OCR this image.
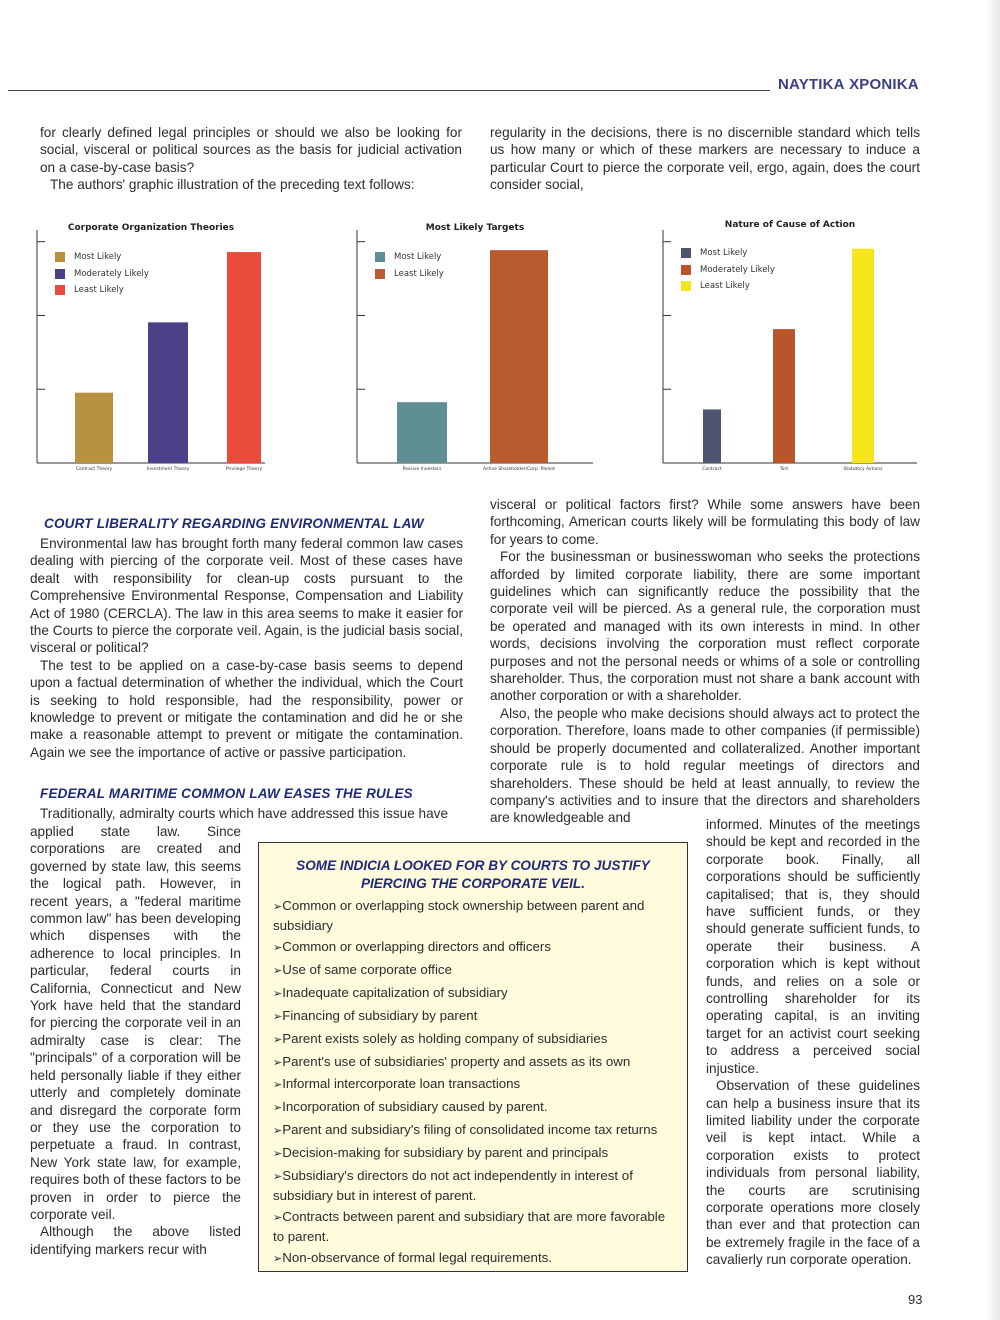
ΝΑΥΤΙΚΑ ΧΡΟΝΙΚΑ

for clearly defined legal principles or should we also be looking for social, visceral or political sources as the basis for judicial activation on a case-by-case basis?

The authors' graphic illustration of the preceding text follows:

regularity in the decisions, there is no discernible standard which tells us how many or which of these markers are necessary to induce a particular Court to pierce the corporate veil, ergo, again, does the court consider social,

Corporate Organization Theories
Contract Theory	Investment Theory	Privilege Theory
Most Likely
Moderately Likely
Least Likely
Most Likely Targets
Passive Investors	Active Shareholder/Corp. Parent
Most Likely
Least Likely
Nature of Cause of Action
Contract	Tort	Statutory Actions
Most Likely
Moderately Likely
Least Likely
COURT LIBERALITY REGARDING ENVIRONMENTAL LAW

Environmental law has brought forth many federal common law cases dealing with piercing of the corporate veil. Most of these cases have dealt with responsibility for clean-up costs pursuant to the Comprehensive Environmental Response, Compensation and Liability Act of 1980 (CERCLA). The law in this area seems to make it easier for the Courts to pierce the corporate veil. Again, is the judicial basis social, visceral or political?

The test to be applied on a case-by-case basis seems to depend upon a factual determination of whether the individual, which the Court is seeking to hold responsible, had the responsibility, power or knowledge to prevent or mitigate the contamination and did he or she make a reasonable attempt to prevent or mitigate the contamination. Again we see the importance of active or passive participation.

FEDERAL MARITIME COMMON LAW EASES THE RULES

Traditionally, admiralty courts which have addressed this issue have

applied state law. Since corporations are created and governed by state law, this seems the logical path. However, in recent years, a "federal maritime common law" has been developing which dispenses with the adherence to local principles. In particular, federal courts in California, Connecticut and New York have held that the standard for piercing the corporate veil in an admiralty case is clear: The "principals" of a corporation will be held personally liable if they either utterly and completely dominate and disregard the corporate form or they use the corporation to perpetuate a fraud. In contrast, New York state law, for example, requires both of these factors to be proven in order to pierce the corporate veil.

Although the above listed identifying markers recur with

visceral or political factors first? While some answers have been forthcoming, American courts likely will be formulating this body of law for years to come.

For the businessman or businesswoman who seeks the protections afforded by limited corporate liability, there are some important guidelines which can significantly reduce the possibility that the corporate veil will be pierced. As a general rule, the corporation must be operated and managed with its own interests in mind. In other words, decisions involving the corporation must reflect corporate purposes and not the personal needs or whims of a sole or controlling shareholder. Thus, the corporation must not share a bank account with another corporation or with a shareholder.

Also, the people who make decisions should always act to protect the corporation. Therefore, loans made to other companies (if permissible) should be properly documented and collateralized. Another important corporate rule is to hold regular meetings of directors and shareholders. These should be held at least annually, to review the company's activities and to insure that the directors and shareholders are knowledgeable and	informed. Minutes of the meetings should be kept and recorded in the corporate book. Finally, all corporations should be sufficiently capitalised; that is, they should have sufficient funds, or they should generate sufficient funds, to operate their business. A corporation which is kept without funds, and relies on a sole or controlling shareholder for its operating capital, is an inviting target for an activist court seeking to address a perceived social injustice.

Observation of these guidelines can help a business insure that its limited liability under the corporate veil is kept intact. While a corporation exists to protect individuals from personal liability, the courts are scrutinising corporate operations more closely than ever and that protection can be extremely fragile in the face of a cavalierly run corporate operation.

SOME INDICIA LOOKED FOR BY COURTS TO JUSTIFY
PIERCING THE CORPORATE VEIL.
➢Common or overlapping stock ownership between parent and subsidiary
➢Common or overlapping directors and officers
➢Use of same corporate office
➢Inadequate capitalization of subsidiary
➢Financing of subsidiary by parent
➢Parent exists solely as holding company of subsidiaries
➢Parent's use of subsidiaries' property and assets as its own
➢Informal intercorporate loan transactions
➢Incorporation of subsidiary caused by parent.
➢Parent and subsidiary's filing of consolidated income tax returns
➢Decision-making for subsidiary by parent and principals
➢Subsidiary's directors do not act independently in interest of subsidiary but in interest of parent.
➢Contracts between parent and subsidiary that are more favorable to parent.
➢Non-observance of formal legal requirements.
93
